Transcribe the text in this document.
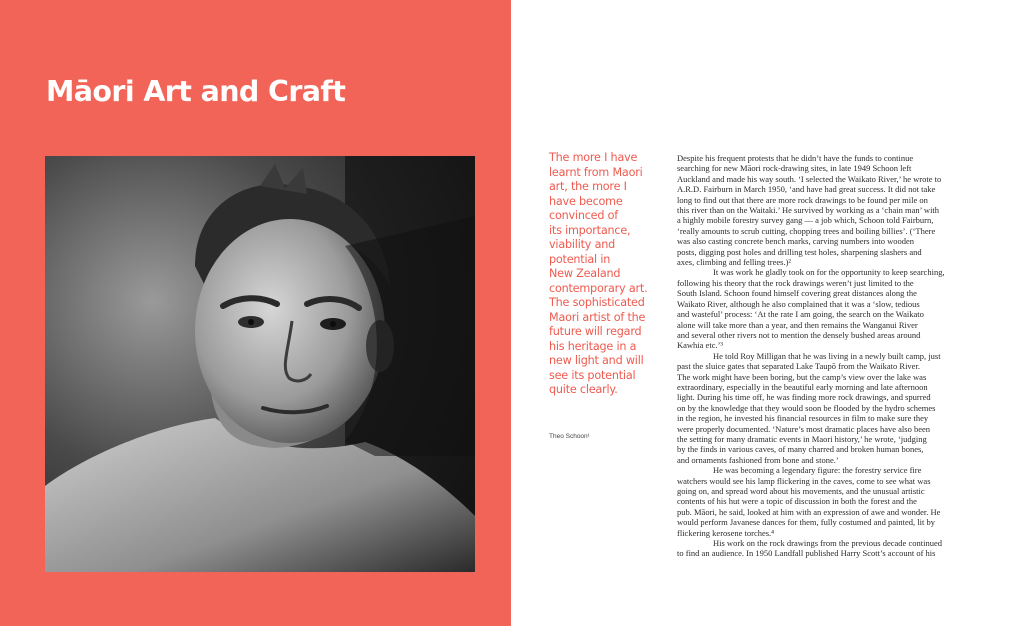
Māori Art and Craft
The more I have
learnt from Maori
art, the more I
have become
convinced of
its importance,
viability and
potential in
New Zealand
contemporary art.
The sophisticated
Maori artist of the
future will regard
his heritage in a
new light and will
see its potential
quite clearly.
Theo Schoon¹
Despite his frequent protests that he didn’t have the funds to continue
searching for new Māori rock-drawing sites, in late 1949 Schoon left
Auckland and made his way south. ‘I selected the Waikato River,’ he wrote to
A.R.D. Fairburn in March 1950, ‘and have had great success. It did not take
long to find out that there are more rock drawings to be found per mile on
this river than on the Waitaki.’ He survived by working as a ‘chain man’ with
a highly mobile forestry survey gang — a job which, Schoon told Fairburn,
‘really amounts to scrub cutting, chopping trees and boiling billies’. (‘There
was also casting concrete bench marks, carving numbers into wooden
posts, digging post holes and drilling test holes, sharpening slashers and
axes, climbing and felling trees.)²
It was work he gladly took on for the opportunity to keep searching,
following his theory that the rock drawings weren’t just limited to the
South Island. Schoon found himself covering great distances along the
Waikato River, although he also complained that it was a ‘slow, tedious
and wasteful’ process: ‘At the rate I am going, the search on the Waikato
alone will take more than a year, and then remains the Wanganui River
and several other rivers not to mention the densely bushed areas around
Kawhia etc.’³
He told Roy Milligan that he was living in a newly built camp, just
past the sluice gates that separated Lake Taupō from the Waikato River.
The work might have been boring, but the camp’s view over the lake was
extraordinary, especially in the beautiful early morning and late afternoon
light. During his time off, he was finding more rock drawings, and spurred
on by the knowledge that they would soon be flooded by the hydro schemes
in the region, he invested his financial resources in film to make sure they
were properly documented. ‘Nature’s most dramatic places have also been
the setting for many dramatic events in Maori history,’ he wrote, ‘judging
by the finds in various caves, of many charred and broken human bones,
and ornaments fashioned from bone and stone.’
He was becoming a legendary figure: the forestry service fire
watchers would see his lamp flickering in the caves, come to see what was
going on, and spread word about his movements, and the unusual artistic
contents of his hut were a topic of discussion in both the forest and the
pub. Māori, he said, looked at him with an expression of awe and wonder. He
would perform Javanese dances for them, fully costumed and painted, lit by
flickering kerosene torches.⁴
His work on the rock drawings from the previous decade continued
to find an audience. In 1950 Landfall published Harry Scott’s account of his
